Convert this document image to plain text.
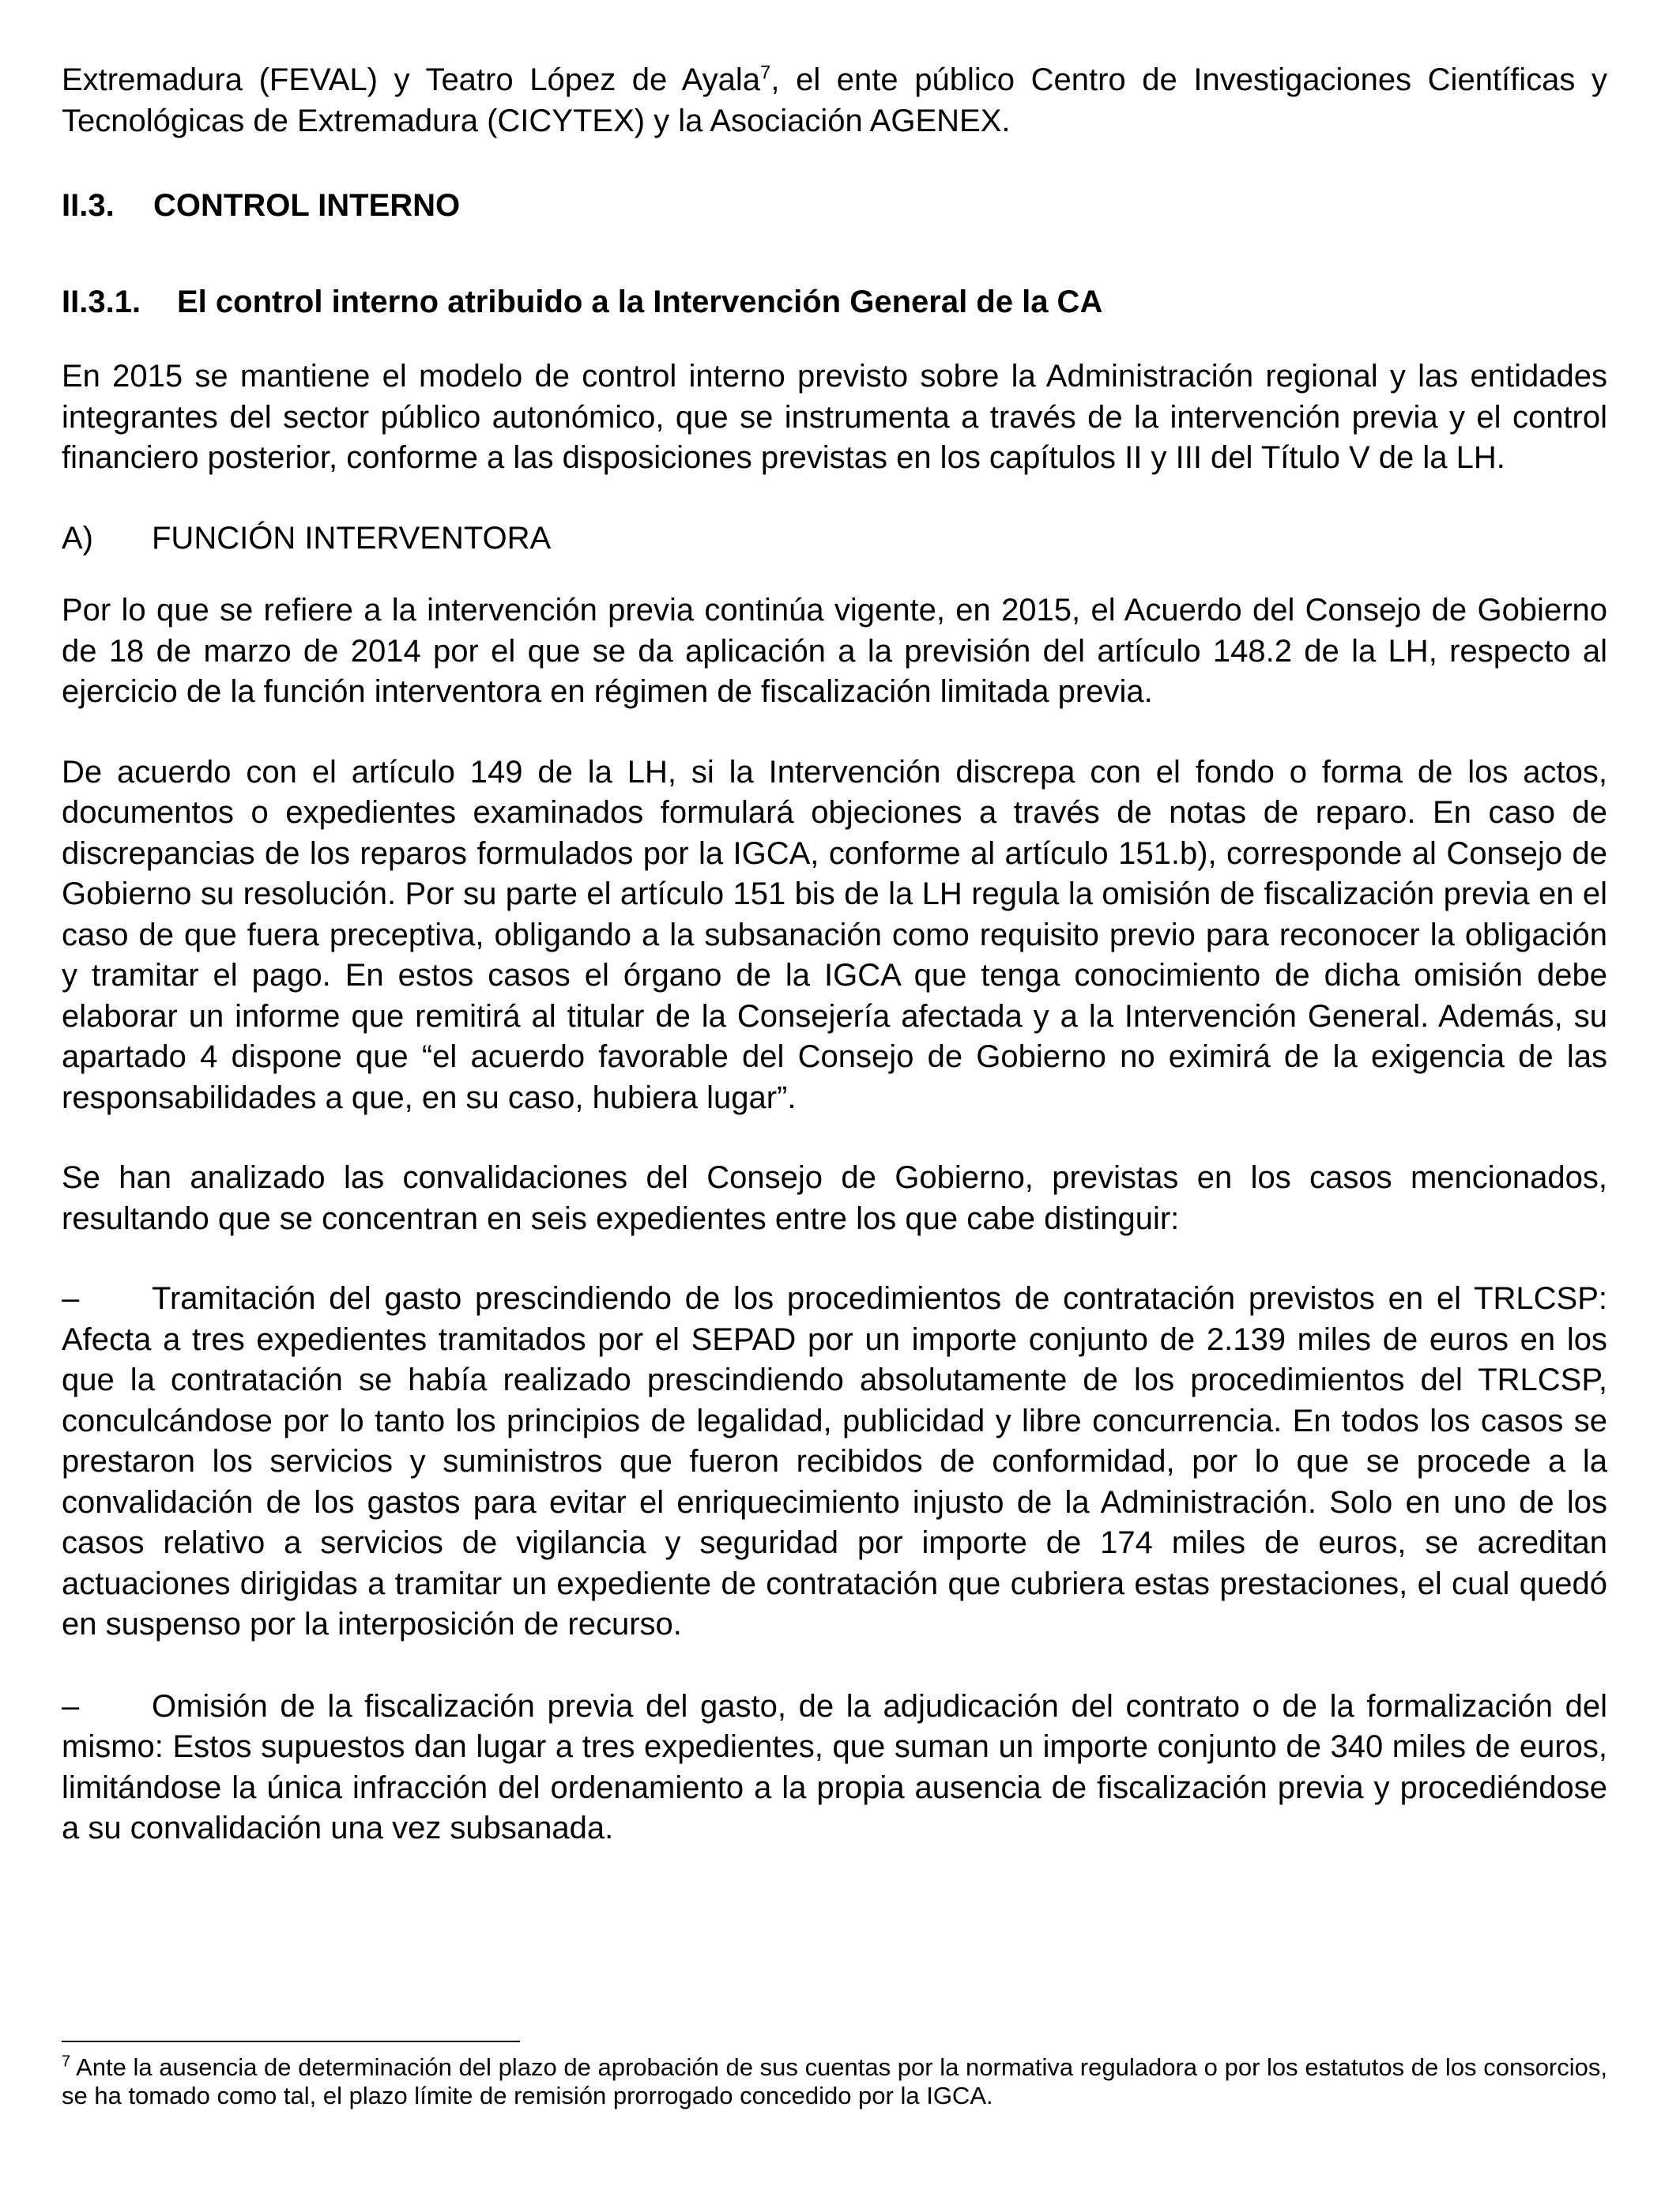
Extremadura (FEVAL) y Teatro López de Ayala$^7$, el ente público Centro de Investigaciones Científicas y Tecnológicas de Extremadura (CICYTEX) y la Asociación AGENEX.

II.3.	CONTROL INTERNO
II.3.1.	El control interno atribuido a la Intervención General de la CA

En 2015 se mantiene el modelo de control interno previsto sobre la Administración regional y las entidades integrantes del sector público autonómico, que se instrumenta a través de la intervención previa y el control financiero posterior, conforme a las disposiciones previstas en los capítulos II y III del Título V de la LH.

A)	FUNCIÓN INTERVENTORA

Por lo que se refiere a la intervención previa continúa vigente, en 2015, el Acuerdo del Consejo de Gobierno de 18 de marzo de 2014 por el que se da aplicación a la previsión del artículo 148.2 de la LH, respecto al ejercicio de la función interventora en régimen de fiscalización limitada previa.

De acuerdo con el artículo 149 de la LH, si la Intervención discrepa con el fondo o forma de los actos, documentos o expedientes examinados formulará objeciones a través de notas de reparo. En caso de discrepancias de los reparos formulados por la IGCA, conforme al artículo 151.b), corresponde al Consejo de Gobierno su resolución. Por su parte el artículo 151 bis de la LH regula la omisión de fiscalización previa en el caso de que fuera preceptiva, obligando a la subsanación como requisito previo para reconocer la obligación y tramitar el pago. En estos casos el órgano de la IGCA que tenga conocimiento de dicha omisión debe elaborar un informe que remitirá al titular de la Consejería afectada y a la Intervención General. Además, su apartado 4 dispone que “el acuerdo favorable del Consejo de Gobierno no eximirá de la exigencia de las responsabilidades a que, en su caso, hubiera lugar”.

Se han analizado las convalidaciones del Consejo de Gobierno, previstas en los casos mencionados, resultando que se concentran en seis expedientes entre los que cabe distinguir:

– Tramitación del gasto prescindiendo de los procedimientos de contratación previstos en el TRLCSP: Afecta a tres expedientes tramitados por el SEPAD por un importe conjunto de 2.139 miles de euros en los que la contratación se había realizado prescindiendo absolutamente de los procedimientos del TRLCSP, conculcándose por lo tanto los principios de legalidad, publicidad y libre concurrencia. En todos los casos se prestaron los servicios y suministros que fueron recibidos de conformidad, por lo que se procede a la convalidación de los gastos para evitar el enriquecimiento injusto de la Administración. Solo en uno de los casos relativo a servicios de vigilancia y seguridad por importe de 174 miles de euros, se acreditan actuaciones dirigidas a tramitar un expediente de contratación que cubriera estas prestaciones, el cual quedó en suspenso por la interposición de recurso.
– Omisión de la fiscalización previa del gasto, de la adjudicación del contrato o de la formalización del mismo: Estos supuestos dan lugar a tres expedientes, que suman un importe conjunto de 340 miles de euros, limitándose la única infracción del ordenamiento a la propia ausencia de fiscalización previa y procediéndose a su convalidación una vez subsanada.
$^7$ Ante la ausencia de determinación del plazo de aprobación de sus cuentas por la normativa reguladora o por los estatutos de los consorcios, se ha tomado como tal, el plazo límite de remisión prorrogado concedido por la IGCA.
